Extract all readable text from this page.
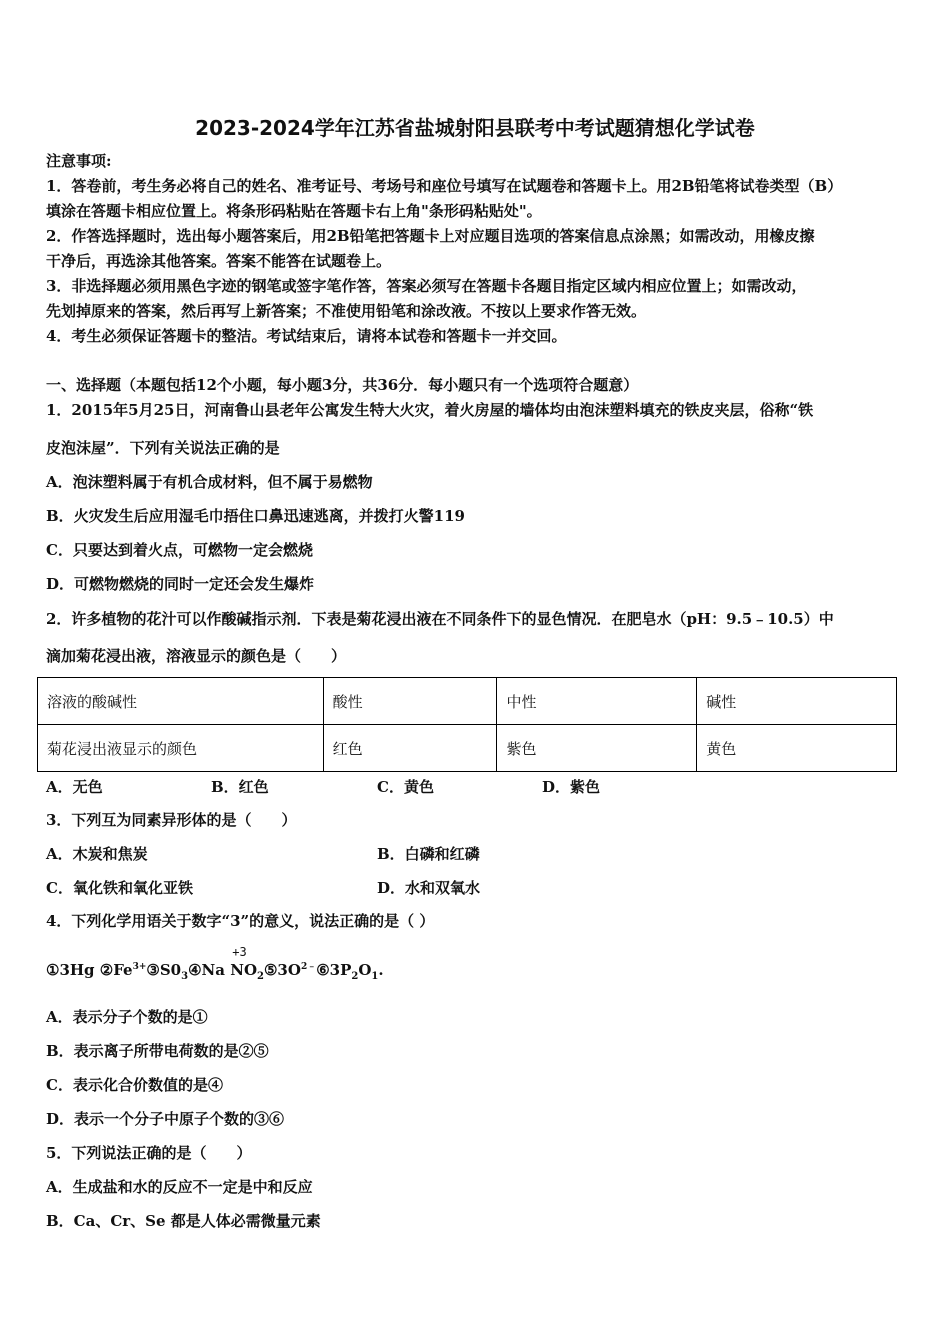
2023-2024学年江苏省盐城射阳县联考中考试题猜想化学试卷
注意事项:
1．答卷前，考生务必将自己的姓名、准考证号、考场号和座位号填写在试题卷和答题卡上。用2B铅笔将试卷类型（B）
填涂在答题卡相应位置上。将条形码粘贴在答题卡右上角"条形码粘贴处"。
2．作答选择题时，选出每小题答案后，用2B铅笔把答题卡上对应题目选项的答案信息点涂黑；如需改动，用橡皮擦
干净后，再选涂其他答案。答案不能答在试题卷上。
3．非选择题必须用黑色字迹的钢笔或签字笔作答，答案必须写在答题卡各题目指定区域内相应位置上；如需改动，
先划掉原来的答案，然后再写上新答案；不准使用铅笔和涂改液。不按以上要求作答无效。
4．考生必须保证答题卡的整洁。考试结束后，请将本试卷和答题卡一并交回。
一、选择题（本题包括12个小题，每小题3分，共36分．每小题只有一个选项符合题意）
1．2015年5月25日，河南鲁山县老年公寓发生特大火灾，着火房屋的墙体均由泡沫塑料填充的铁皮夹层，俗称“铁
皮泡沫屋”．下列有关说法正确的是
A．泡沫塑料属于有机合成材料，但不属于易燃物
B．火灾发生后应用湿毛巾捂住口鼻迅速逃离，并拨打火警119
C．只要达到着火点，可燃物一定会燃烧
D．可燃物燃烧的同时一定还会发生爆炸
2．许多植物的花汁可以作酸碱指示剂．下表是菊花浸出液在不同条件下的显色情况．在肥皂水（pH：9.5﹣10.5）中
滴加菊花浸出液，溶液显示的颜色是（　　）
溶液的酸碱性	酸性	中性	碱性
菊花浸出液显示的颜色	红色	紫色	黄色
A．无色	B．红色	C．黄色	D．紫色
3．下列互为同素异形体的是（　　）
A．木炭和焦炭	B．白磷和红磷
C．氧化铁和氧化亚铁	D．水和双氧水
4．下列化学用语关于数字“3”的意义，说法正确的是（ ）
①3Hg $②Fe^{3+}③S0_3④Na$
+3
$NO_2⑤3O^{2﹣}⑥3P_2O_1$.
A．表示分子个数的是①
B．表示离子所带电荷数的是②⑤
C．表示化合价数值的是④
D．表示一个分子中原子个数的③⑥
5．下列说法正确的是（　　）
A．生成盐和水的反应不一定是中和反应
B．Ca、Cr、Se 都是人体必需微量元素
